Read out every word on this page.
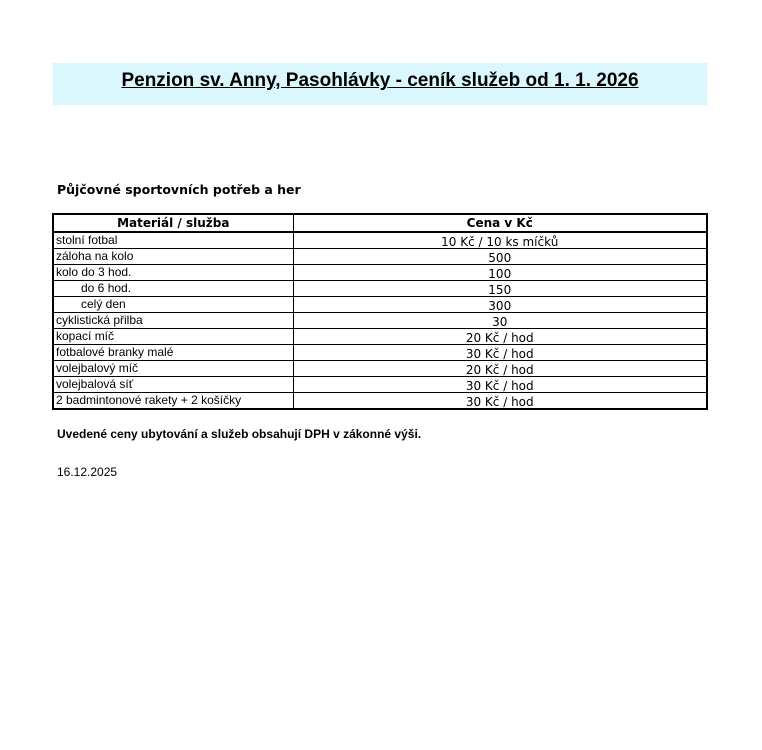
Penzion sv. Anny, Pasohlávky - ceník služeb od 1. 1. 2026
Půjčovné sportovních potřeb a her
Materiál / služba	Cena v Kč
stolní fotbal	10 Kč / 10 ks míčků
záloha na kolo	500
kolo do 3 hod.	100
do 6 hod.	150
celý den	300
cyklistická přilba	30
kopací míč	20 Kč / hod
fotbalové branky malé	30 Kč / hod
volejbalový míč	20 Kč / hod
volejbalová síť	30 Kč / hod
2 badmintonové rakety + 2 košíčky	30 Kč / hod
Uvedené ceny ubytování a služeb obsahují DPH v zákonné výši.
16.12.2025
